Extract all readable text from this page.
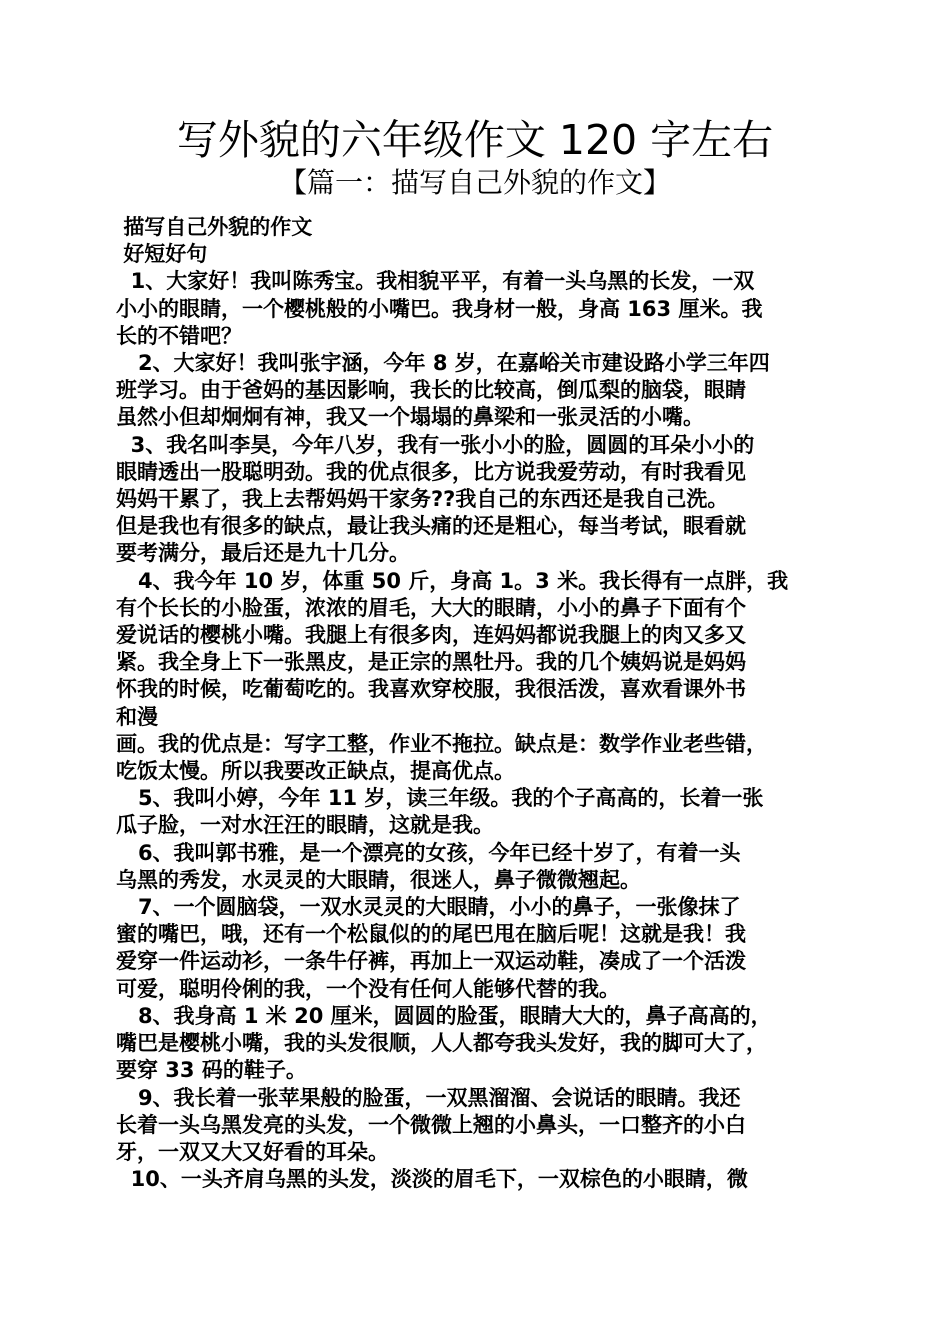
写外貌的六年级作文 120 字左右
【篇一：描写自己外貌的作文】

描写自己外貌的作文

好短好句

1、大家好！我叫陈秀宝。我相貌平平，有着一头乌黑的长发，一双

小小的眼睛，一个樱桃般的小嘴巴。我身材一般，身高 163 厘米。我

长的不错吧？

2、大家好！我叫张宇涵，今年 8 岁，在嘉峪关市建设路小学三年四

班学习。由于爸妈的基因影响，我长的比较高，倒瓜梨的脑袋，眼睛

虽然小但却炯炯有神，我又一个塌塌的鼻梁和一张灵活的小嘴。

3、我名叫李昊，今年八岁，我有一张小小的脸，圆圆的耳朵小小的

眼睛透出一股聪明劲。我的优点很多，比方说我爱劳动，有时我看见

妈妈干累了，我上去帮妈妈干家务??我自己的东西还是我自己洗。

但是我也有很多的缺点，最让我头痛的还是粗心，每当考试，眼看就

要考满分，最后还是九十几分。

4、我今年 10 岁，体重 50 斤，身高 1。3 米。我长得有一点胖，我

有个长长的小脸蛋，浓浓的眉毛，大大的眼睛，小小的鼻子下面有个

爱说话的樱桃小嘴。我腿上有很多肉，连妈妈都说我腿上的肉又多又

紧。我全身上下一张黑皮，是正宗的黑牡丹。我的几个姨妈说是妈妈

怀我的时候，吃葡萄吃的。我喜欢穿校服，我很活泼，喜欢看课外书

和漫

画。我的优点是：写字工整，作业不拖拉。缺点是：数学作业老些错，

吃饭太慢。所以我要改正缺点，提高优点。

5、我叫小婷，今年 11 岁，读三年级。我的个子高高的，长着一张

瓜子脸，一对水汪汪的眼睛，这就是我。

6、我叫郭书雅，是一个漂亮的女孩，今年已经十岁了，有着一头

乌黑的秀发，水灵灵的大眼睛，很迷人，鼻子微微翘起。

7、一个圆脑袋，一双水灵灵的大眼睛，小小的鼻子，一张像抹了

蜜的嘴巴，哦，还有一个松鼠似的的尾巴甩在脑后呢！这就是我！我

爱穿一件运动衫，一条牛仔裤，再加上一双运动鞋，凑成了一个活泼

可爱，聪明伶俐的我，一个没有任何人能够代替的我。

8、我身高 1 米 20 厘米，圆圆的脸蛋，眼睛大大的，鼻子高高的，

嘴巴是樱桃小嘴，我的头发很顺，人人都夸我头发好，我的脚可大了，

要穿 33 码的鞋子。

9、我长着一张苹果般的脸蛋，一双黑溜溜、会说话的眼睛。我还

长着一头乌黑发亮的头发，一个微微上翘的小鼻头，一口整齐的小白

牙，一双又大又好看的耳朵。

10、一头齐肩乌黑的头发，淡淡的眉毛下，一双棕色的小眼睛，微
